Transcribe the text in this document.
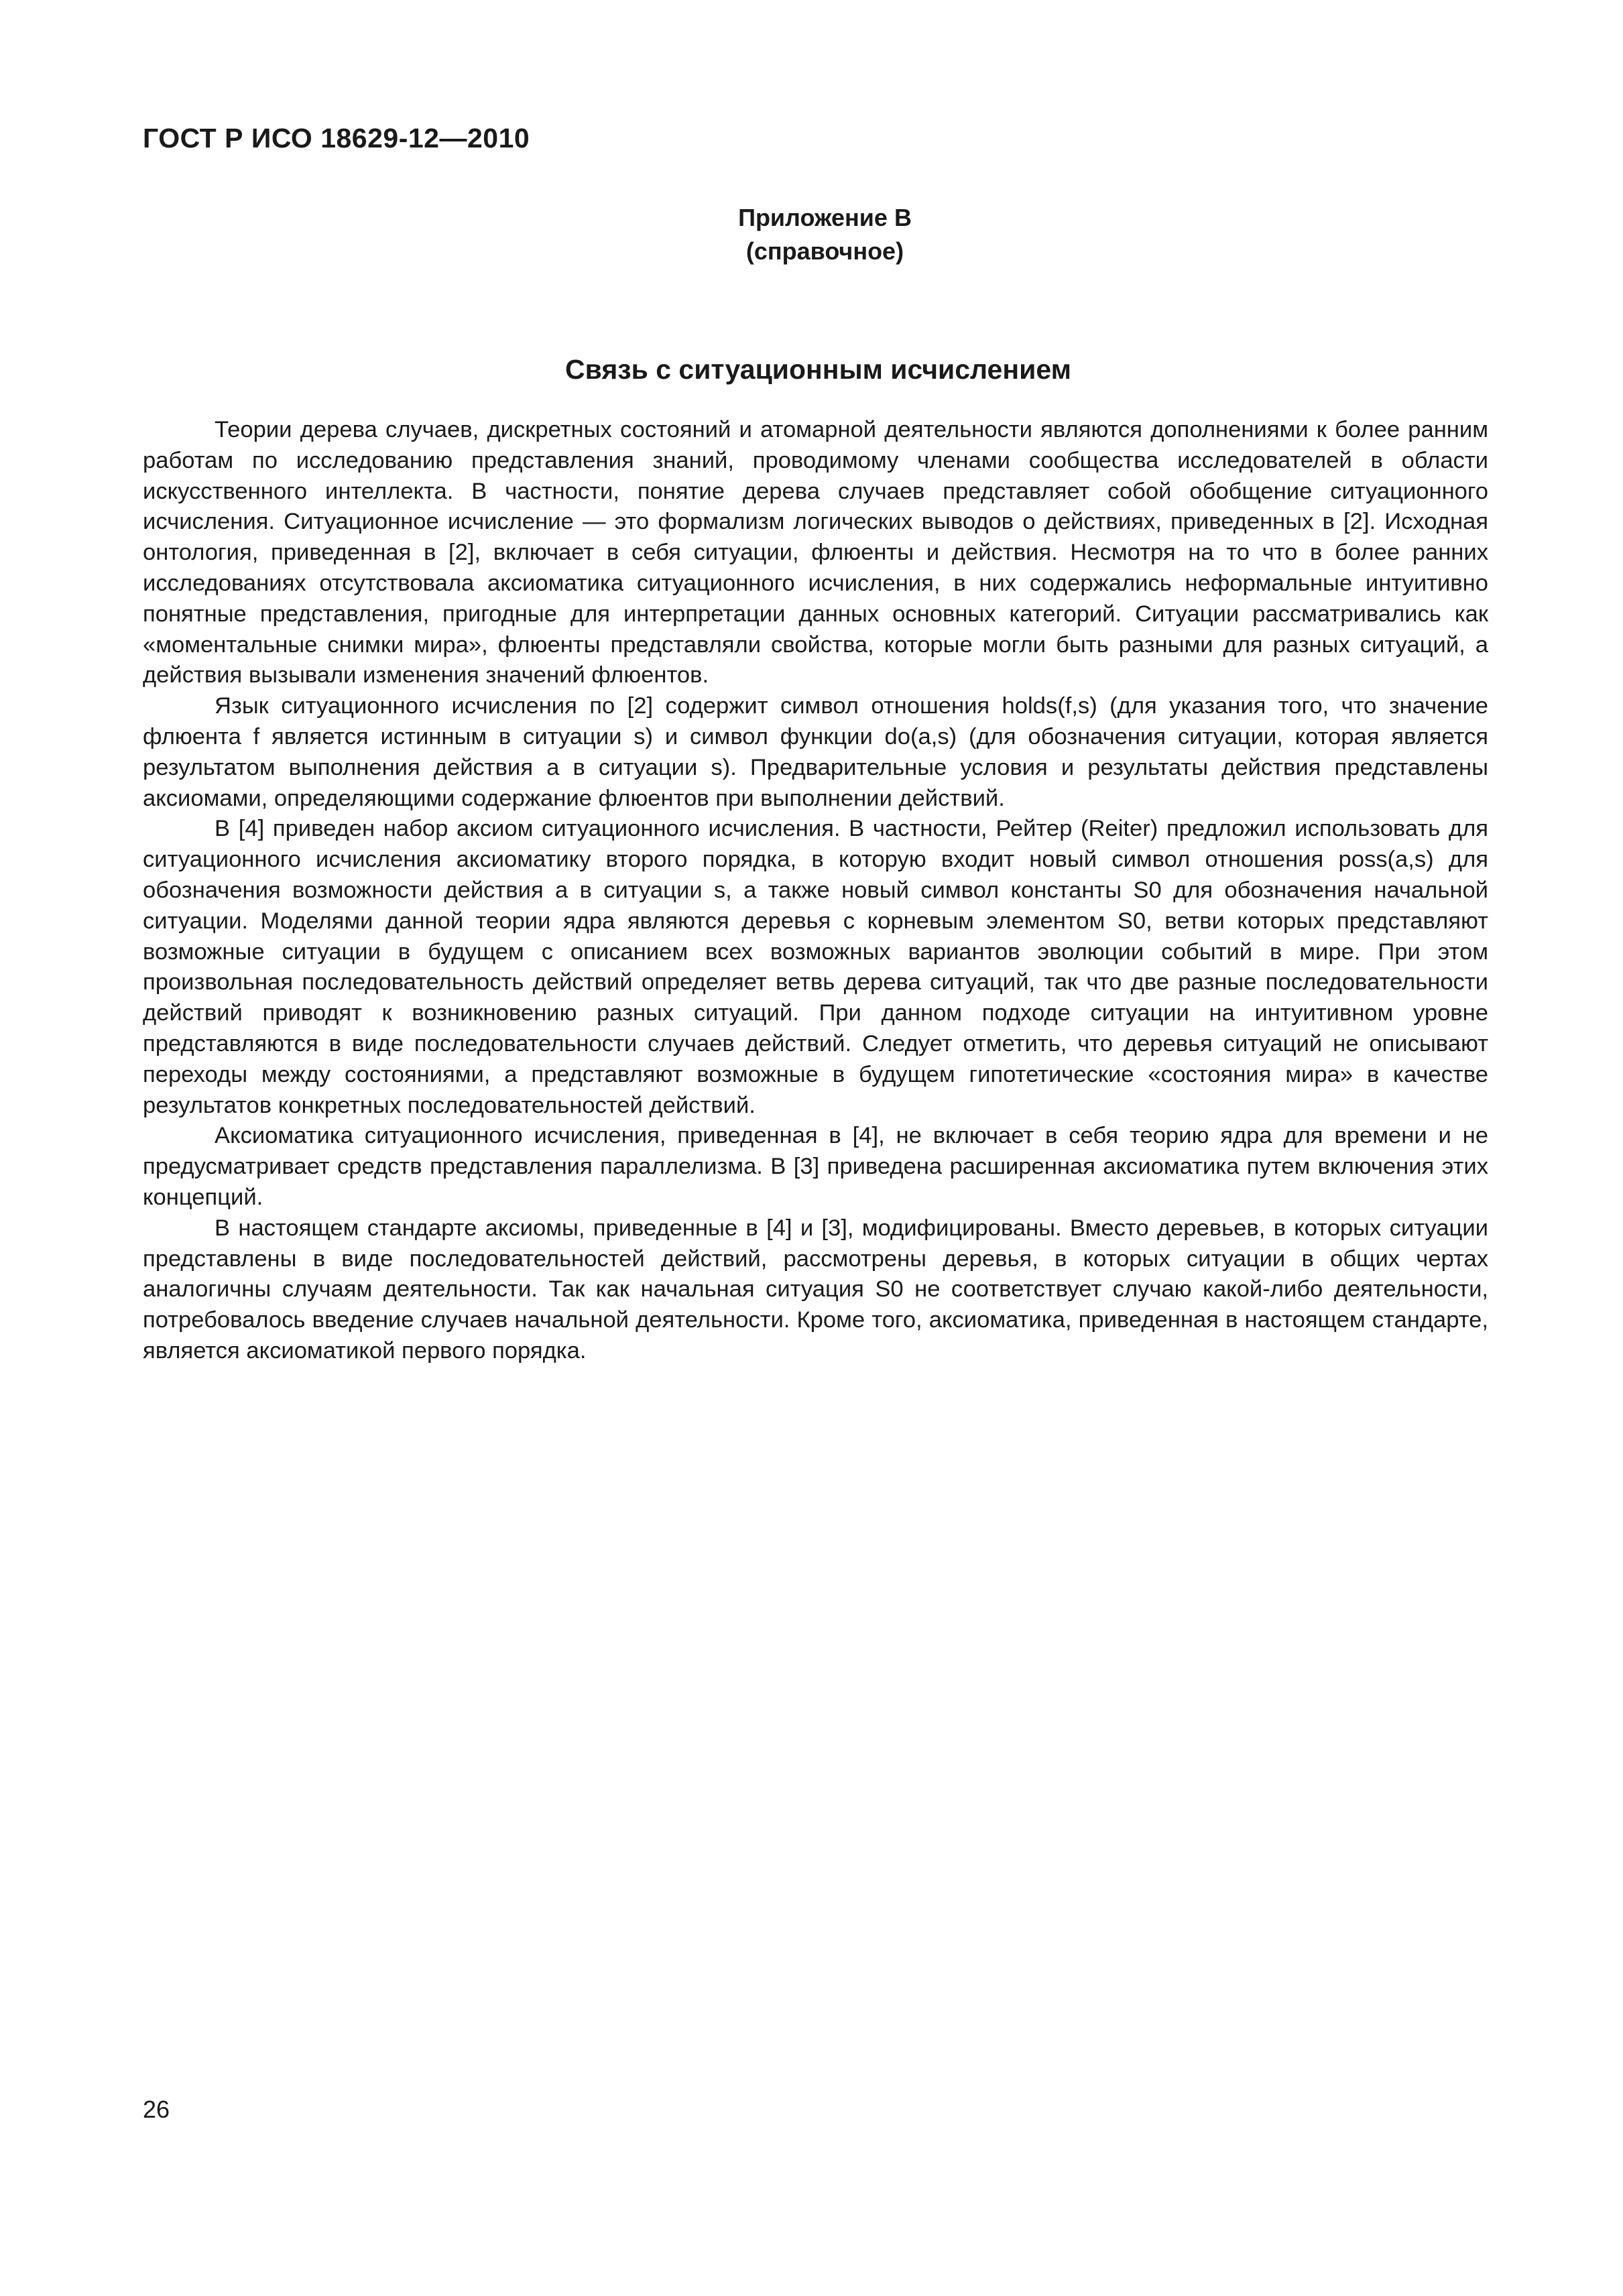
ГОСТ Р ИСО 18629-12—2010
Приложение В
(справочное)
Связь с ситуационным исчислением

Теории дерева случаев, дискретных состояний и атомарной деятельности являются дополнениями к более ранним работам по исследованию представления знаний, проводимому членами сообщества исследователей в области искусственного интеллекта. В частности, понятие дерева случаев представляет собой обобщение ситуационного исчисления. Ситуационное исчисление — это формализм логических выводов о действиях, приведенных в [2]. Исходная онтология, приведенная в [2], включает в себя ситуации, флюенты и действия. Несмотря на то что в более ранних исследованиях отсутствовала аксиоматика ситуационного исчисления, в них содержались неформальные интуитивно понятные представления, пригодные для интерпретации данных основных категорий. Ситуации рассматривались как «моментальные снимки мира», флюенты представляли свойства, которые могли быть разными для разных ситуаций, а действия вызывали изменения значений флюентов.

Язык ситуационного исчисления по [2] содержит символ отношения holds(f,s) (для указания того, что значение флюента f является истинным в ситуации s) и символ функции do(a,s) (для обозначения ситуации, которая является результатом выполнения действия a в ситуации s). Предварительные условия и результаты действия представлены аксиомами, определяющими содержание флюентов при выполнении действий.

В [4] приведен набор аксиом ситуационного исчисления. В частности, Рейтер (Reiter) предложил использовать для ситуационного исчисления аксиоматику второго порядка, в которую входит новый символ отношения poss(a,s) для обозначения возможности действия a в ситуации s, а также новый символ константы S0 для обозначения начальной ситуации. Моделями данной теории ядра являются деревья с корневым элементом S0, ветви которых представляют возможные ситуации в будущем с описанием всех возможных вариантов эволюции событий в мире. При этом произвольная последовательность действий определяет ветвь дерева ситуаций, так что две разные последовательности действий приводят к возникновению разных ситуаций. При данном подходе ситуации на интуитивном уровне представляются в виде последовательности случаев действий. Следует отметить, что деревья ситуаций не описывают переходы между состояниями, а представляют возможные в будущем гипотетические «состояния мира» в качестве результатов конкретных последовательностей действий.

Аксиоматика ситуационного исчисления, приведенная в [4], не включает в себя теорию ядра для времени и не предусматривает средств представления параллелизма. В [3] приведена расширенная аксиоматика путем включения этих концепций.

В настоящем стандарте аксиомы, приведенные в [4] и [3], модифицированы. Вместо деревьев, в которых ситуации представлены в виде последовательностей действий, рассмотрены деревья, в которых ситуации в общих чертах аналогичны случаям деятельности. Так как начальная ситуация S0 не соответствует случаю какой-либо деятельности, потребовалось введение случаев начальной деятельности. Кроме того, аксиоматика, приведенная в настоящем стандарте, является аксиоматикой первого порядка.

26
